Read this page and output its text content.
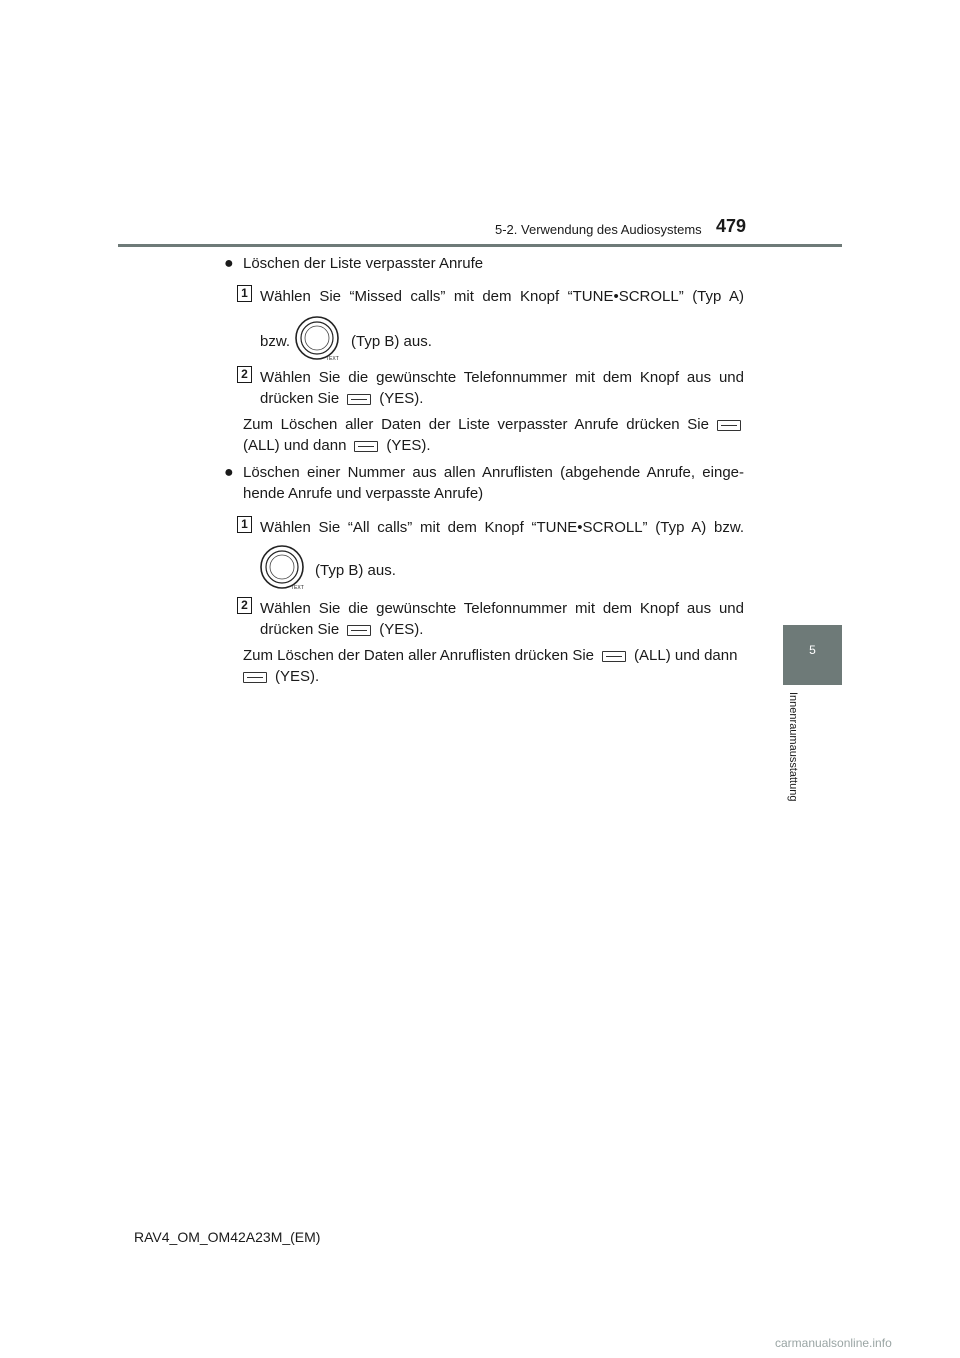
5-2. Verwendung des Audiosystems 479
5
Innenraumausstattung
● Löschen der Liste verpasster Anrufe
1 Wählen Sie “Missed calls” mit dem Knopf “TUNE•SCROLL” (Typ A)
bzw.
TEXT
(Typ B) aus.
2 Wählen Sie die gewünschte Telefonnummer mit dem Knopf aus und
drücken Sie	(YES).
Zum Löschen aller Daten der Liste verpasster Anrufe drücken Sie
(ALL) und dann	(YES).
● Löschen einer Nummer aus allen Anruflisten (abgehende Anrufe, einge-
hende Anrufe und verpasste Anrufe)
1 Wählen Sie “All calls” mit dem Knopf “TUNE•SCROLL” (Typ A) bzw.
TEXT
(Typ B) aus.
2 Wählen Sie die gewünschte Telefonnummer mit dem Knopf aus und
drücken Sie	(YES).
Zum Löschen der Daten aller Anruflisten drücken Sie	(ALL) und dann
(YES).
RAV4_OM_OM42A23M_(EM)
carmanualsonline.info
